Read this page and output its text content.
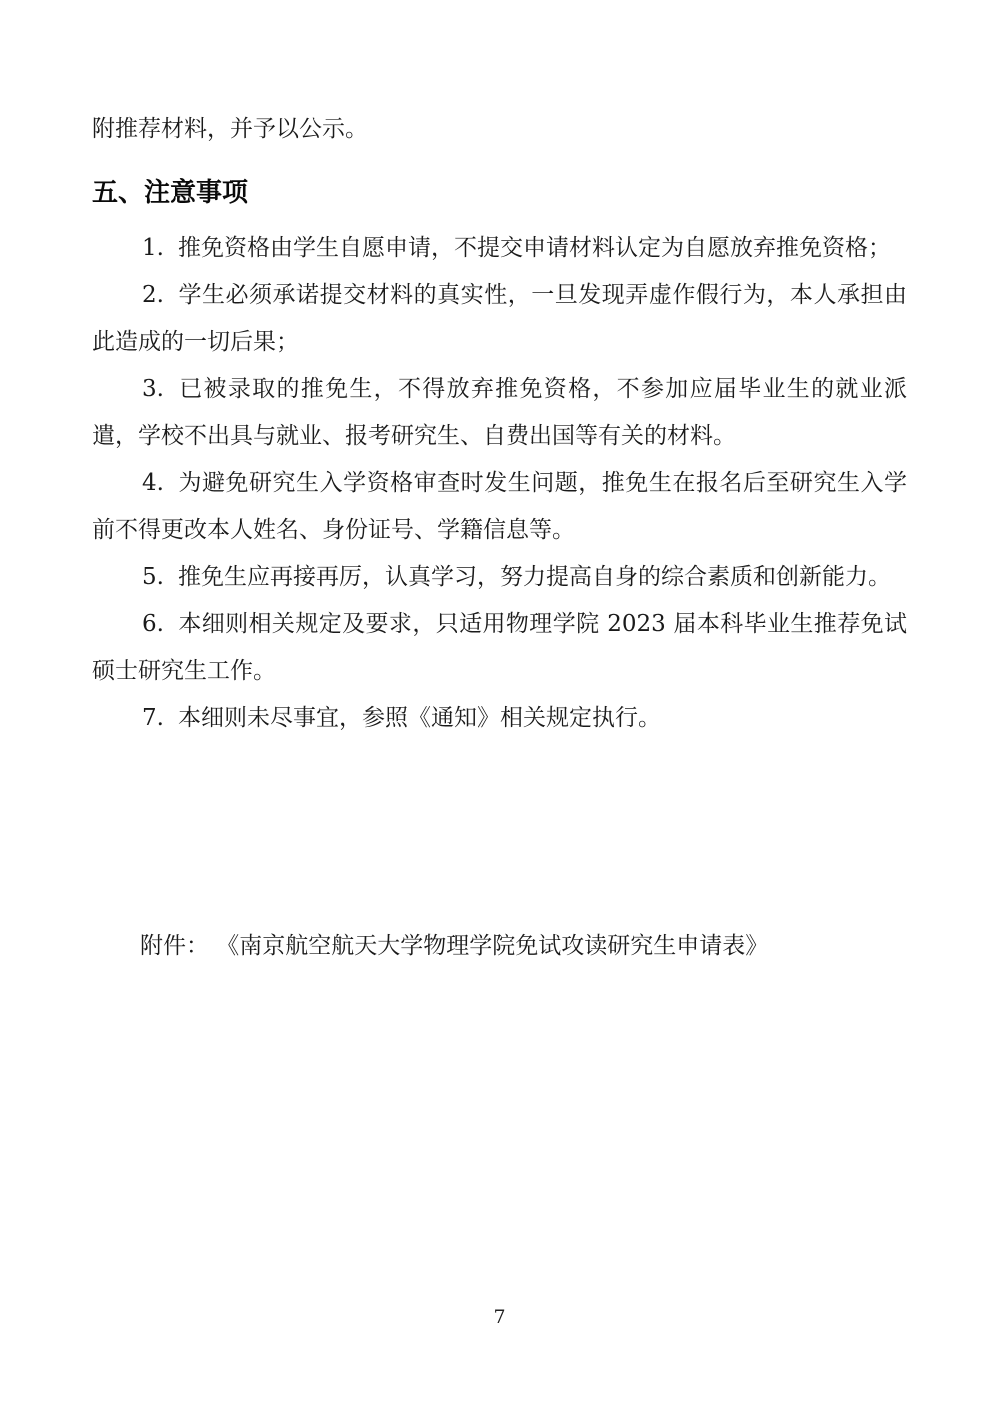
附推荐材料，并予以公示。

五、注意事项

1. 推免资格由学生自愿申请，不提交申请材料认定为自愿放弃推免资格；

2. 学生必须承诺提交材料的真实性，一旦发现弄虚作假行为，本人承担由此造成的一切后果；

3. 已被录取的推免生，不得放弃推免资格，不参加应届毕业生的就业派遣，学校不出具与就业、报考研究生、自费出国等有关的材料。

4. 为避免研究生入学资格审查时发生问题，推免生在报名后至研究生入学前不得更改本人姓名、身份证号、学籍信息等。

5. 推免生应再接再厉，认真学习，努力提高自身的综合素质和创新能力。

6. 本细则相关规定及要求，只适用物理学院 2023 届本科毕业生推荐免试硕士研究生工作。

7. 本细则未尽事宜，参照《通知》相关规定执行。

附件： 《南京航空航天大学物理学院免试攻读研究生申请表》

7
